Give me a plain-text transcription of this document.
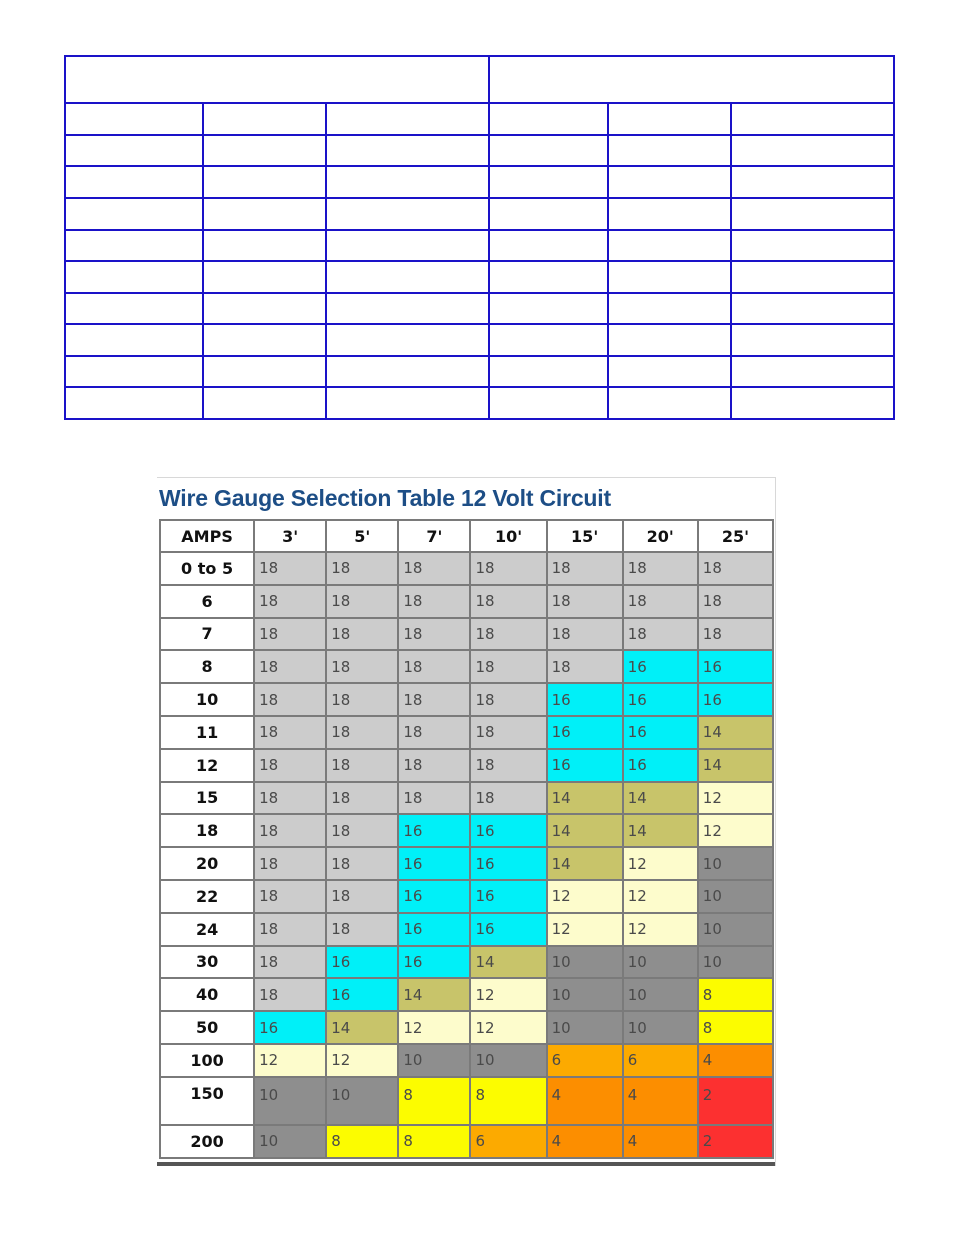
Wire Gauge Selection Table 12 Volt Circuit
AMPS	3'	5'	7'	10'	15'	20'	25'
0 to 5	18	18	18	18	18	18	18
6	18	18	18	18	18	18	18
7	18	18	18	18	18	18	18
8	18	18	18	18	18	16	16
10	18	18	18	18	16	16	16
11	18	18	18	18	16	16	14
12	18	18	18	18	16	16	14
15	18	18	18	18	14	14	12
18	18	18	16	16	14	14	12
20	18	18	16	16	14	12	10
22	18	18	16	16	12	12	10
24	18	18	16	16	12	12	10
30	18	16	16	14	10	10	10
40	18	16	14	12	10	10	8
50	16	14	12	12	10	10	8
100	12	12	10	10	6	6	4
150	10	10	8	8	4	4	2
200	10	8	8	6	4	4	2
